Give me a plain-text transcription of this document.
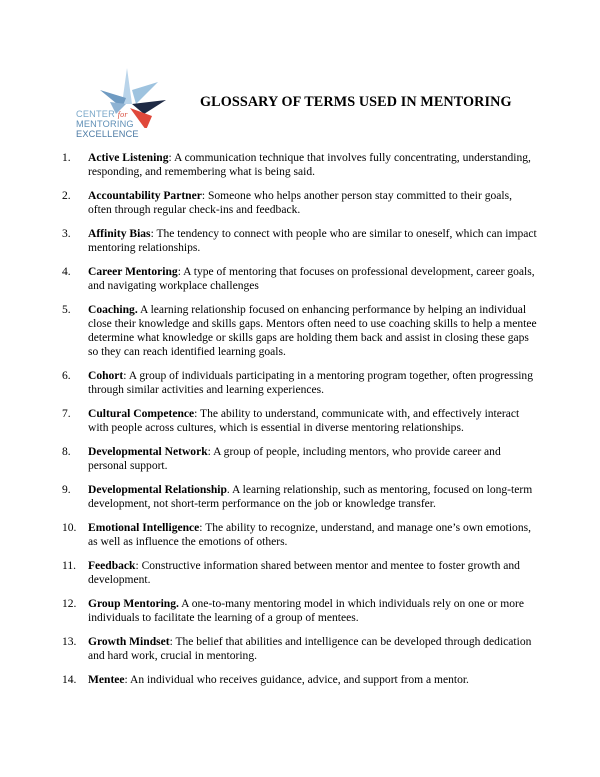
CENTER for
MENTORING
EXCELLENCE
GLOSSARY OF TERMS USED IN MENTORING
1. Active Listening: A communication technique that involves fully concentrating, understanding, responding, and remembering what is being said.
2. Accountability Partner: Someone who helps another person stay committed to their goals, often through regular check-ins and feedback.
3. Affinity Bias: The tendency to connect with people who are similar to oneself, which can impact mentoring relationships.
4. Career Mentoring: A type of mentoring that focuses on professional development, career goals, and navigating workplace challenges
5. Coaching. A learning relationship focused on enhancing performance by helping an individual close their knowledge and skills gaps. Mentors often need to use coaching skills to help a mentee determine what knowledge or skills gaps are holding them back and assist in closing these gaps so they can reach identified learning goals.
6. Cohort: A group of individuals participating in a mentoring program together, often progressing through similar activities and learning experiences.
7. Cultural Competence: The ability to understand, communicate with, and effectively interact with people across cultures, which is essential in diverse mentoring relationships.
8. Developmental Network: A group of people, including mentors, who provide career and personal support.
9. Developmental Relationship. A learning relationship, such as mentoring, focused on long-term development, not short-term performance on the job or knowledge transfer.
10. Emotional Intelligence: The ability to recognize, understand, and manage one’s own emotions, as well as influence the emotions of others.
11. Feedback: Constructive information shared between mentor and mentee to foster growth and development.
12. Group Mentoring. A one-to-many mentoring model in which individuals rely on one or more individuals to facilitate the learning of a group of mentees.
13. Growth Mindset: The belief that abilities and intelligence can be developed through dedication and hard work, crucial in mentoring.
14. Mentee: An individual who receives guidance, advice, and support from a mentor.
